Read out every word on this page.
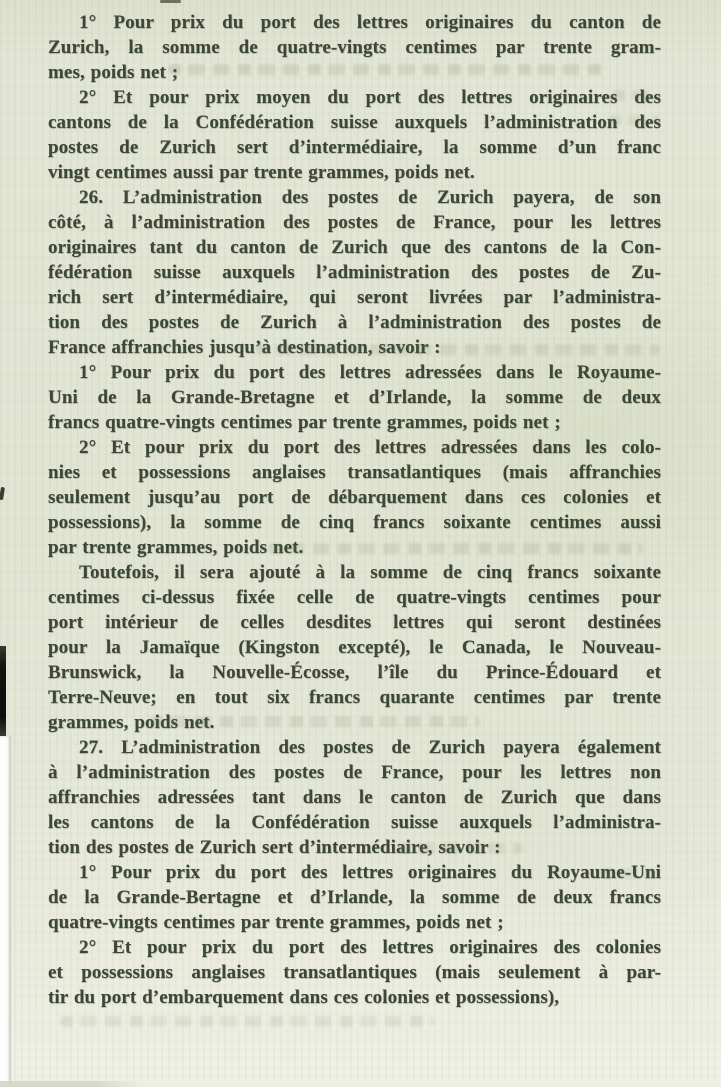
1° Pour prix du port des lettres originaires du canton de
Zurich, la somme de quatre-vingts centimes par trente gram-
mes, poids net ;
2° Et pour prix moyen du port des lettres originaires des
cantons de la Confédération suisse auxquels l’administration des
postes de Zurich sert d’intermédiaire, la somme d’un franc
vingt centimes aussi par trente grammes, poids net.
26. L’administration des postes de Zurich payera, de son
côté, à l’administration des postes de France, pour les lettres
originaires tant du canton de Zurich que des cantons de la Con-
fédération suisse auxquels l’administration des postes de Zu-
rich sert d’intermédiaire, qui seront livrées par l’administra-
tion des postes de Zurich à l’administration des postes de
France affranchies jusqu’à destination, savoir :
1° Pour prix du port des lettres adressées dans le Royaume-
Uni de la Grande-Bretagne et d’Irlande, la somme de deux
francs quatre-vingts centimes par trente grammes, poids net ;
2° Et pour prix du port des lettres adressées dans les colo-
nies et possessions anglaises transatlantiques (mais affranchies
seulement jusqu’au port de débarquement dans ces colonies et
possessions), la somme de cinq francs soixante centimes aussi
par trente grammes, poids net.
Toutefois, il sera ajouté à la somme de cinq francs soixante
centimes ci-dessus fixée celle de quatre-vingts centimes pour
port intérieur de celles desdites lettres qui seront destinées
pour la Jamaïque (Kingston excepté), le Canada, le Nouveau-
Brunswick, la Nouvelle-Écosse, l’île du Prince-Édouard et
Terre-Neuve; en tout six francs quarante centimes par trente
grammes, poids net.
27. L’administration des postes de Zurich payera également
à l’administration des postes de France, pour les lettres non
affranchies adressées tant dans le canton de Zurich que dans
les cantons de la Confédération suisse auxquels l’administra-
tion des postes de Zurich sert d’intermédiaire, savoir :
1° Pour prix du port des lettres originaires du Royaume-Uni
de la Grande-Bertagne et d’Irlande, la somme de deux francs
quatre-vingts centimes par trente grammes, poids net ;
2° Et pour prix du port des lettres originaires des colonies
et possessions anglaises transatlantiques (mais seulement à par-
tir du port d’embarquement dans ces colonies et possessions),
